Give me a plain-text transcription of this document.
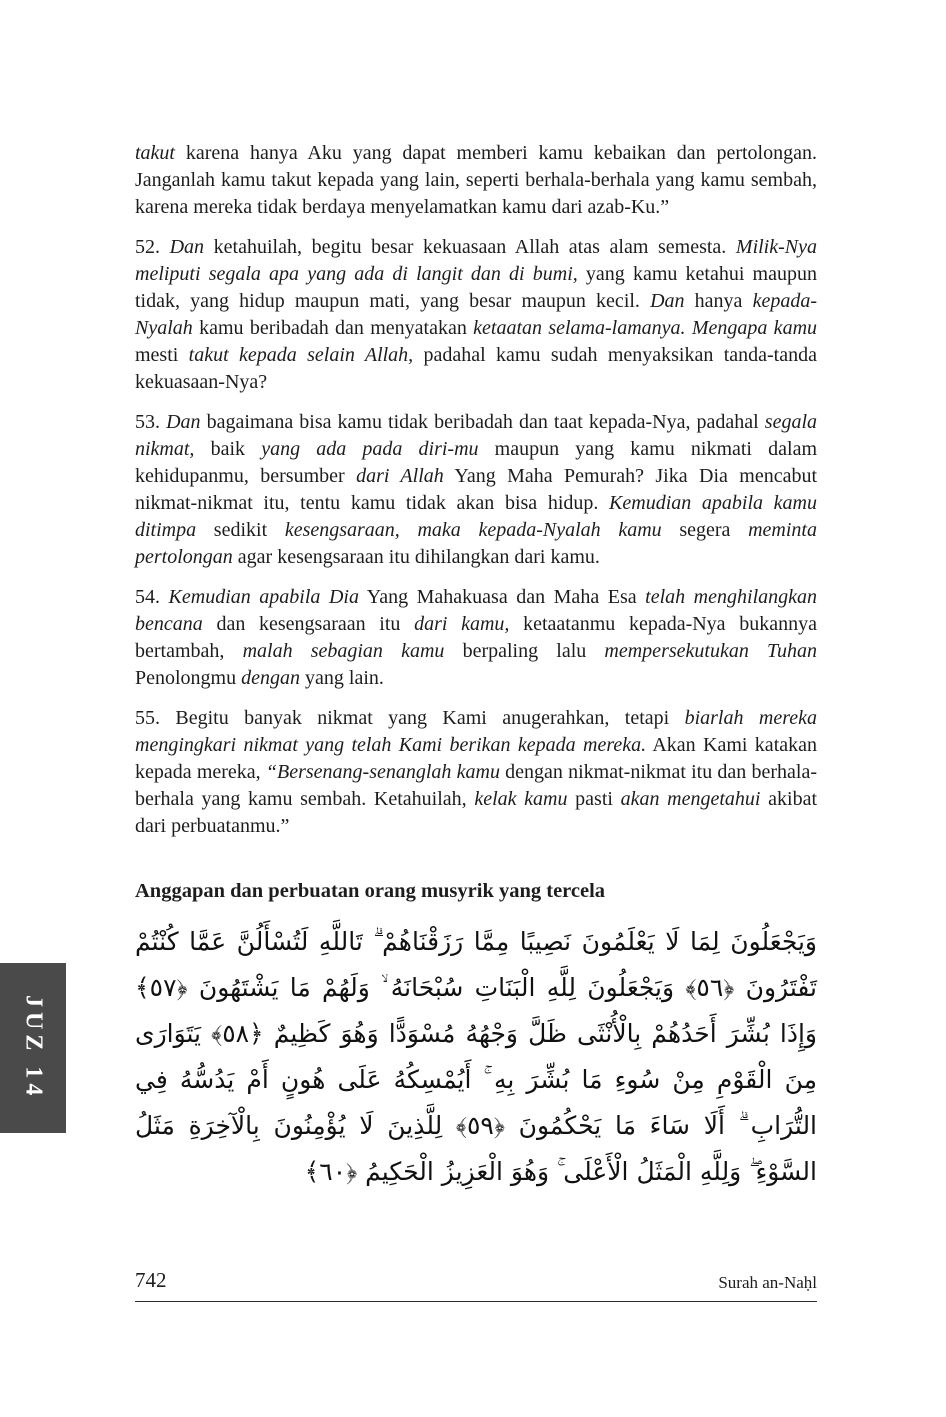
takut karena hanya Aku yang dapat memberi kamu kebaikan dan pertolongan. Janganlah kamu takut kepada yang lain, seperti berhala-berhala yang kamu sembah, karena mereka tidak berdaya menyelamatkan kamu dari azab-Ku.”

52. Dan ketahuilah, begitu besar kekuasaan Allah atas alam semesta. Milik-Nya meliputi segala apa yang ada di langit dan di bumi, yang kamu ketahui maupun tidak, yang hidup maupun mati, yang besar maupun kecil. Dan hanya kepada-Nyalah kamu beribadah dan menyatakan ketaatan selama-lamanya. Mengapa kamu mesti takut kepada selain Allah, padahal kamu sudah menyaksikan tanda-tanda kekuasaan-Nya?

53. Dan bagaimana bisa kamu tidak beribadah dan taat kepada-Nya, padahal segala nikmat, baik yang ada pada diri-mu maupun yang kamu nikmati dalam kehidupanmu, bersumber dari Allah Yang Maha Pemurah? Jika Dia mencabut nikmat-nikmat itu, tentu kamu tidak akan bisa hidup. Kemudian apabila kamu ditimpa sedikit kesengsaraan, maka kepada-Nyalah kamu segera meminta pertolongan agar kesengsaraan itu dihilangkan dari kamu.

54. Kemudian apabila Dia Yang Mahakuasa dan Maha Esa telah menghilangkan bencana dan kesengsaraan itu dari kamu, ketaatanmu kepada-Nya bukannya bertambah, malah sebagian kamu berpaling lalu mempersekutukan Tuhan Penolongmu dengan yang lain.

55. Begitu banyak nikmat yang Kami anugerahkan, tetapi biarlah mereka mengingkari nikmat yang telah Kami berikan kepada mereka. Akan Kami katakan kepada mereka, “Bersenang-senanglah kamu dengan nikmat-nikmat itu dan berhala-berhala yang kamu sembah. Ketahuilah, kelak kamu pasti akan mengetahui akibat dari perbuatanmu.”

Anggapan dan perbuatan orang musyrik yang tercela
وَيَجْعَلُونَ لِمَا لَا يَعْلَمُونَ نَصِيبًا مِمَّا رَزَقْنَاهُمْ ۗ تَاللَّهِ لَتُسْأَلُنَّ عَمَّا كُنْتُمْ تَفْتَرُونَ ﴿٥٦﴾ وَيَجْعَلُونَ لِلَّهِ الْبَنَاتِ سُبْحَانَهُ ۙ وَلَهُمْ مَا يَشْتَهُونَ ﴿٥٧﴾ وَإِذَا بُشِّرَ أَحَدُهُمْ بِالْأُنْثَى ظَلَّ وَجْهُهُ مُسْوَدًّا وَهُوَ كَظِيمٌ ﴿٥٨﴾ يَتَوَارَى مِنَ الْقَوْمِ مِنْ سُوءِ مَا بُشِّرَ بِهِ ۚ أَيُمْسِكُهُ عَلَى هُونٍ أَمْ يَدُسُّهُ فِي التُّرَابِ ۗ أَلَا سَاءَ مَا يَحْكُمُونَ ﴿٥٩﴾ لِلَّذِينَ لَا يُؤْمِنُونَ بِالْآخِرَةِ مَثَلُ السَّوْءِ ۖ وَلِلَّهِ الْمَثَلُ الْأَعْلَى ۚ وَهُوَ الْعَزِيزُ الْحَكِيمُ ﴿٦٠﴾
JUZ 14
742	Surah an-Naḥl
